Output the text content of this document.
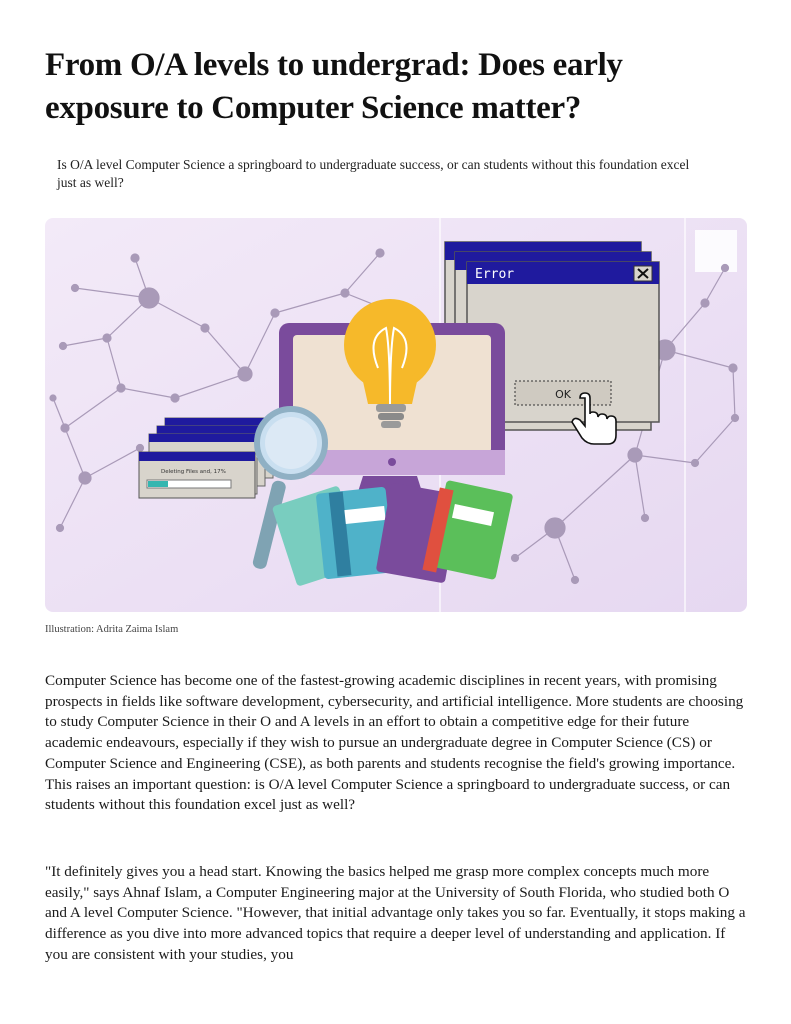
From O/A levels to undergrad: Does early exposure to Computer Science matter?

Is O/A level Computer Science a springboard to undergraduate success, or can students without this foundation excel just as well?

Error
OK
Deleting Files and, 17%

Illustration: Adrita Zaima Islam

Computer Science has become one of the fastest-growing academic disciplines in recent years, with promising prospects in fields like software development, cybersecurity, and artificial intelligence. More students are choosing to study Computer Science in their O and A levels in an effort to obtain a competitive edge for their future academic endeavours, especially if they wish to pursue an undergraduate degree in Computer Science (CS) or Computer Science and Engineering (CSE), as both parents and students recognise the field's growing importance. This raises an important question: is O/A level Computer Science a springboard to undergraduate success, or can students without this foundation excel just as well?

"It definitely gives you a head start. Knowing the basics helped me grasp more complex concepts much more easily," says Ahnaf Islam, a Computer Engineering major at the University of South Florida, who studied both O and A level Computer Science. "However, that initial advantage only takes you so far. Eventually, it stops making a difference as you dive into more advanced topics that require a deeper level of understanding and application. If you are consistent with your studies, you
